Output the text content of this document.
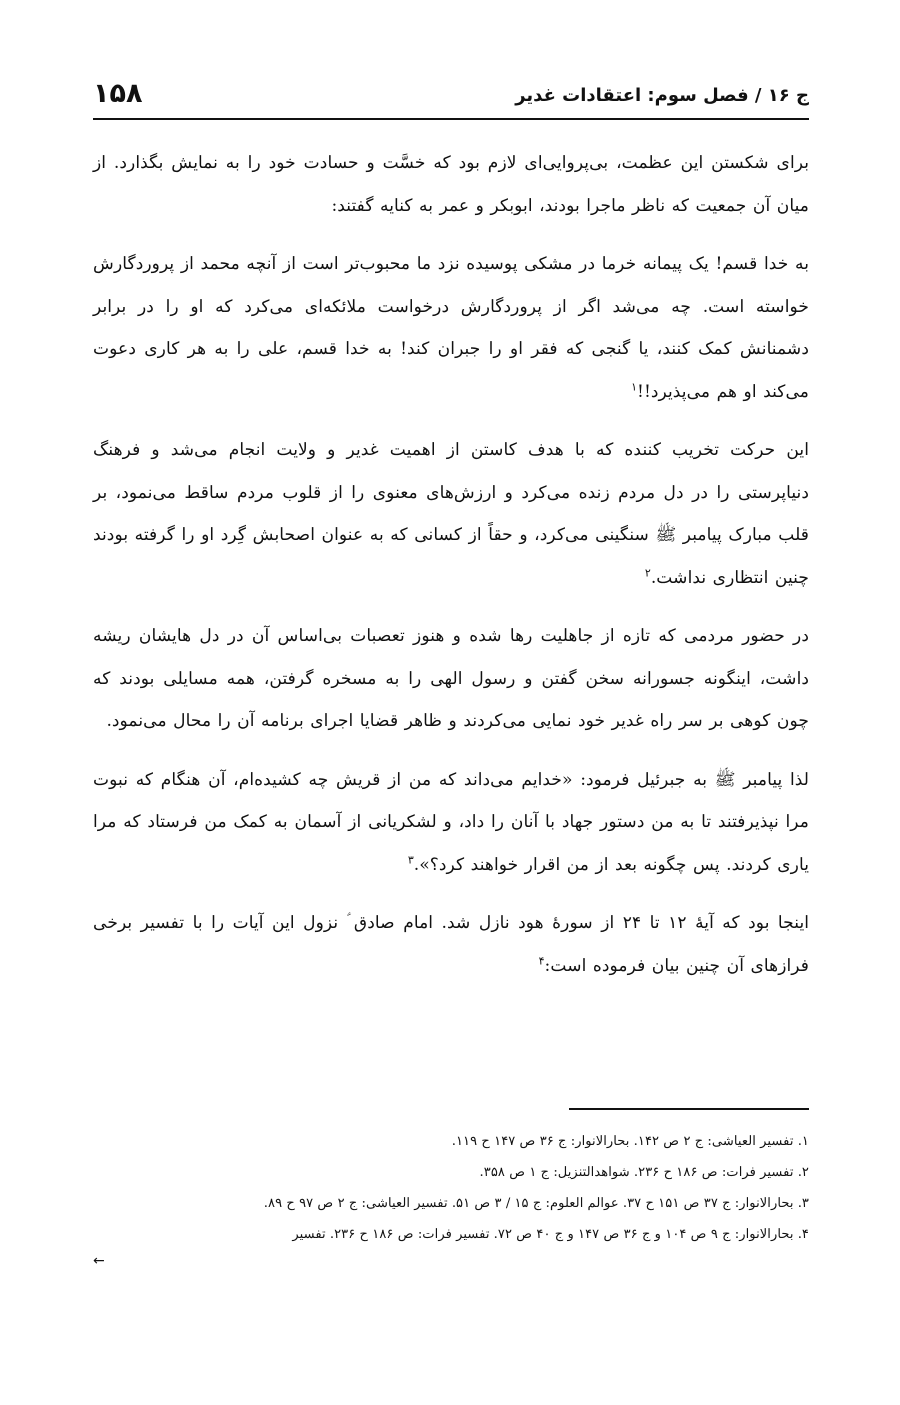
ج ۱۶ / فصل سوم: اعتقادات غدیر
۱۵۸

برای شکستن این عظمت، بی‌پروایی‌ای لازم بود که خسَّت و حسادت خود را به نمایش بگذارد. از میان آن جمعیت که ناظر ماجرا بودند، ابوبکر و عمر به کنایه گفتند:

به خدا قسم! یک پیمانه خرما در مشکی پوسیده نزد ما محبوب‌تر است از آنچه محمد از پروردگارش خواسته است. چه می‌شد اگر از پروردگارش درخواست ملائکه‌ای می‌کرد که او را در برابر دشمنانش کمک کنند، یا گنجی که فقر او را جبران کند! به خدا قسم، علی را به هر کاری دعوت می‌کند او هم می‌پذیرد!!$^۱$

این حرکت تخریب کننده که با هدف کاستن از اهمیت غدیر و ولایت انجام می‌شد و فرهنگ دنیاپرستی را در دل مردم زنده می‌کرد و ارزش‌های معنوی را از قلوب مردم ساقط می‌نمود، بر قلب مبارک پیامبر ﷺ سنگینی می‌کرد، و حقاً از کسانی که به عنوان اصحابش گِرد او را گرفته بودند چنین انتظاری نداشت.$^۲$

در حضور مردمی که تازه از جاهلیت رها شده و هنوز تعصبات بی‌اساس آن در دل هایشان ریشه داشت، اینگونه جسورانه سخن گفتن و رسول الهی را به مسخره گرفتن، همه مسایلی بودند که چون کوهی بر سر راه غدیر خود نمایی می‌کردند و ظاهر قضایا اجرای برنامه آن را محال می‌نمود.

لذا پیامبر ﷺ به جبرئیل فرمود: «خدایم می‌داند که من از قریش چه کشیده‌ام، آن هنگام که نبوت مرا نپذیرفتند تا به من دستور جهاد با آنان را داد، و لشکریانی از آسمان به کمک من فرستاد که مرا یاری کردند. پس چگونه بعد از من اقرار خواهند کرد؟».$^۳$

اینجا بود که آیهٔ ۱۲ تا ۲۴ از سورهٔ هود نازل شد. امام صادق ؑ نزول این آیات را با تفسیر برخی فرازهای آن چنین بیان فرموده است:$^۴$

۱. تفسیر العیاشی: ج ۲ ص ۱۴۲. بحارالانوار: ج ۳۶ ص ۱۴۷ ح ۱۱۹.

۲. تفسیر فرات: ص ۱۸۶ ح ۲۳۶. شواهدالتنزیل: ج ۱ ص ۳۵۸.

۳. بحارالانوار: ج ۳۷ ص ۱۵۱ ح ۳۷. عوالم العلوم: ج ۱۵ / ۳ ص ۵۱. تفسیر العیاشی: ج ۲ ص ۹۷ ح ۸۹.

۴. بحارالانوار: ج ۹ ص ۱۰۴ و ج ۳۶ ص ۱۴۷ و ج ۴۰ ص ۷۲. تفسیر فرات: ص ۱۸۶ ح ۲۳۶. تفسیر

←
